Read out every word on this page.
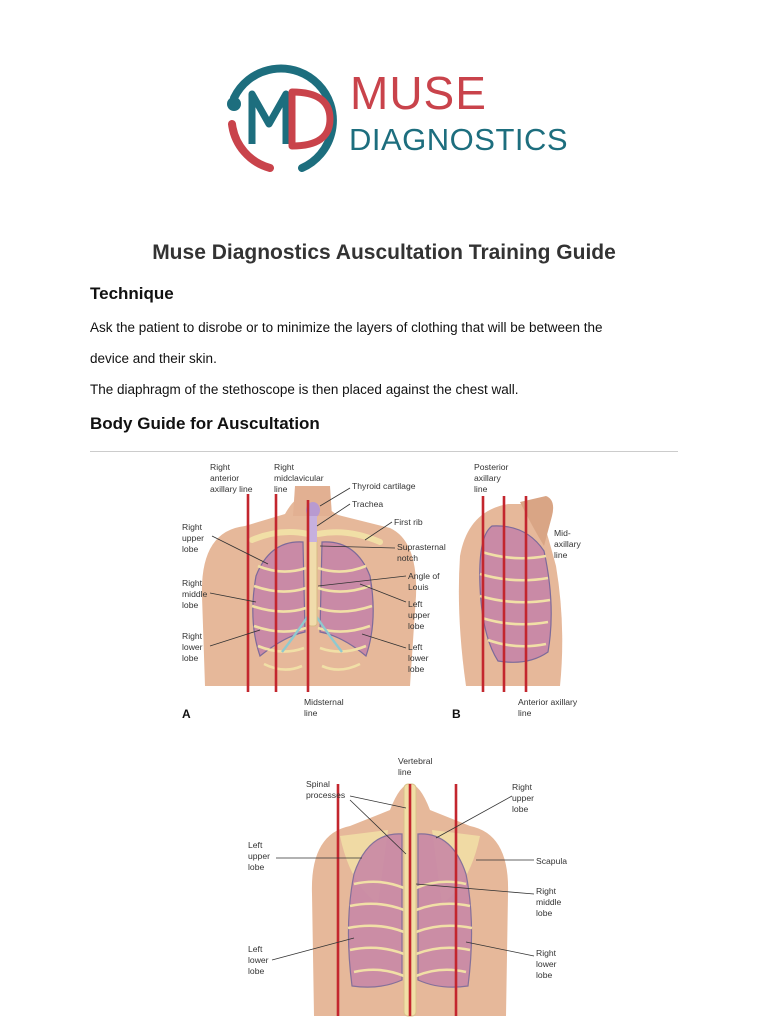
MUSE
DIAGNOSTICS
Muse Diagnostics Auscultation Training Guide
Technique
Ask the patient to disrobe or to minimize the layers of clothing that will be between the
device and their skin.
The diaphragm of the stethoscope is then placed against the chest wall.
Body Guide for Auscultation
Right anterior axillary line
Right midclavicular line	Thyroid cartilage
Trachea
First rib
Suprasternal notch
Angle of Louis
Left upper lobe
Left lower lobe
Right upper lobe
Right middle lobe
Right lower lobe
Midsternal line
A
Posterior axillary line
Mid-axillary line
Anterior axillary line
B
Vertebral line
Spinal processes
Right upper lobe
Left upper lobe
Scapula
Right middle lobe
Left lower lobe
Right lower lobe
